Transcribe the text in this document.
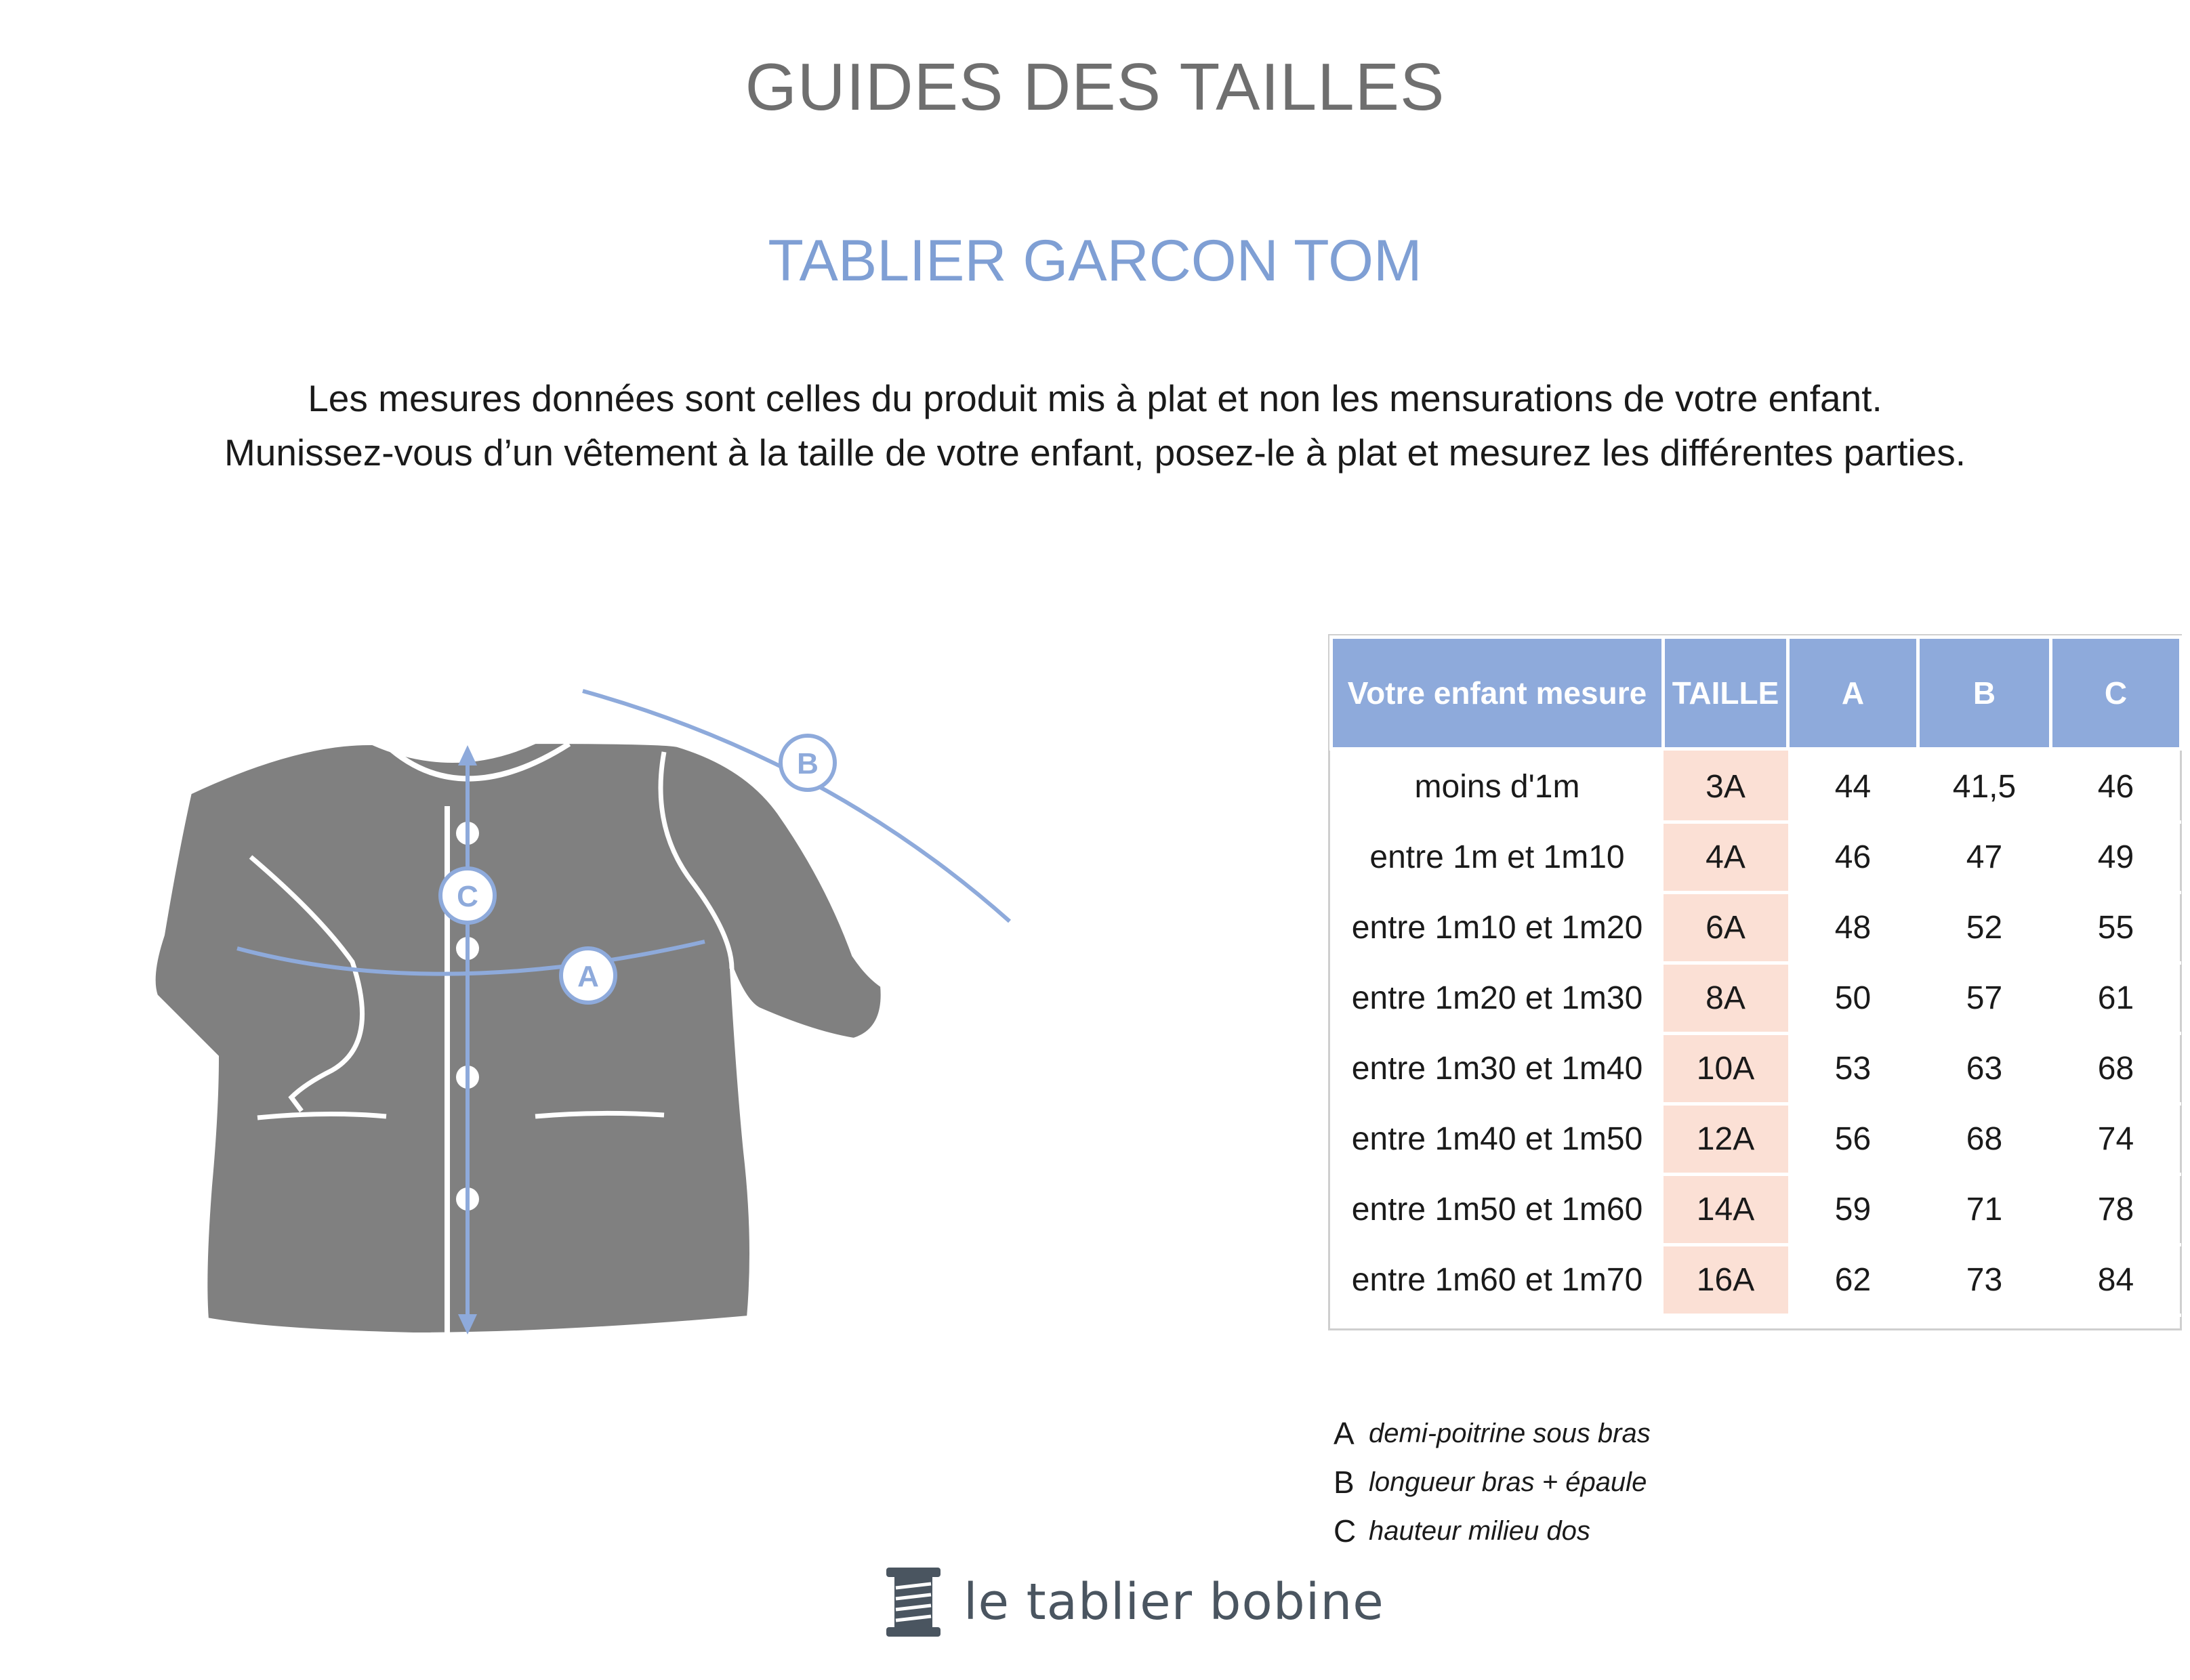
GUIDES DES TAILLES
TABLIER GARCON TOM
Les mesures données sont celles du produit mis à plat et non les mensurations de votre enfant.
Munissez-vous d’un vêtement à la taille de votre enfant, posez-le à plat et mesurez les différentes parties.
C
A
B
Votre enfant mesure	TAILLE	A	B	C
moins d'1m	3A	44	41,5	46
entre 1m et 1m10	4A	46	47	49
entre 1m10 et 1m20	6A	48	52	55
entre 1m20 et 1m30	8A	50	57	61
entre 1m30 et 1m40	10A	53	63	68
entre 1m40 et 1m50	12A	56	68	74
entre 1m50 et 1m60	14A	59	71	78
entre 1m60 et 1m70	16A	62	73	84
A demi-poitrine sous bras
B longueur bras + épaule
C hauteur milieu dos
le tablier bobine
